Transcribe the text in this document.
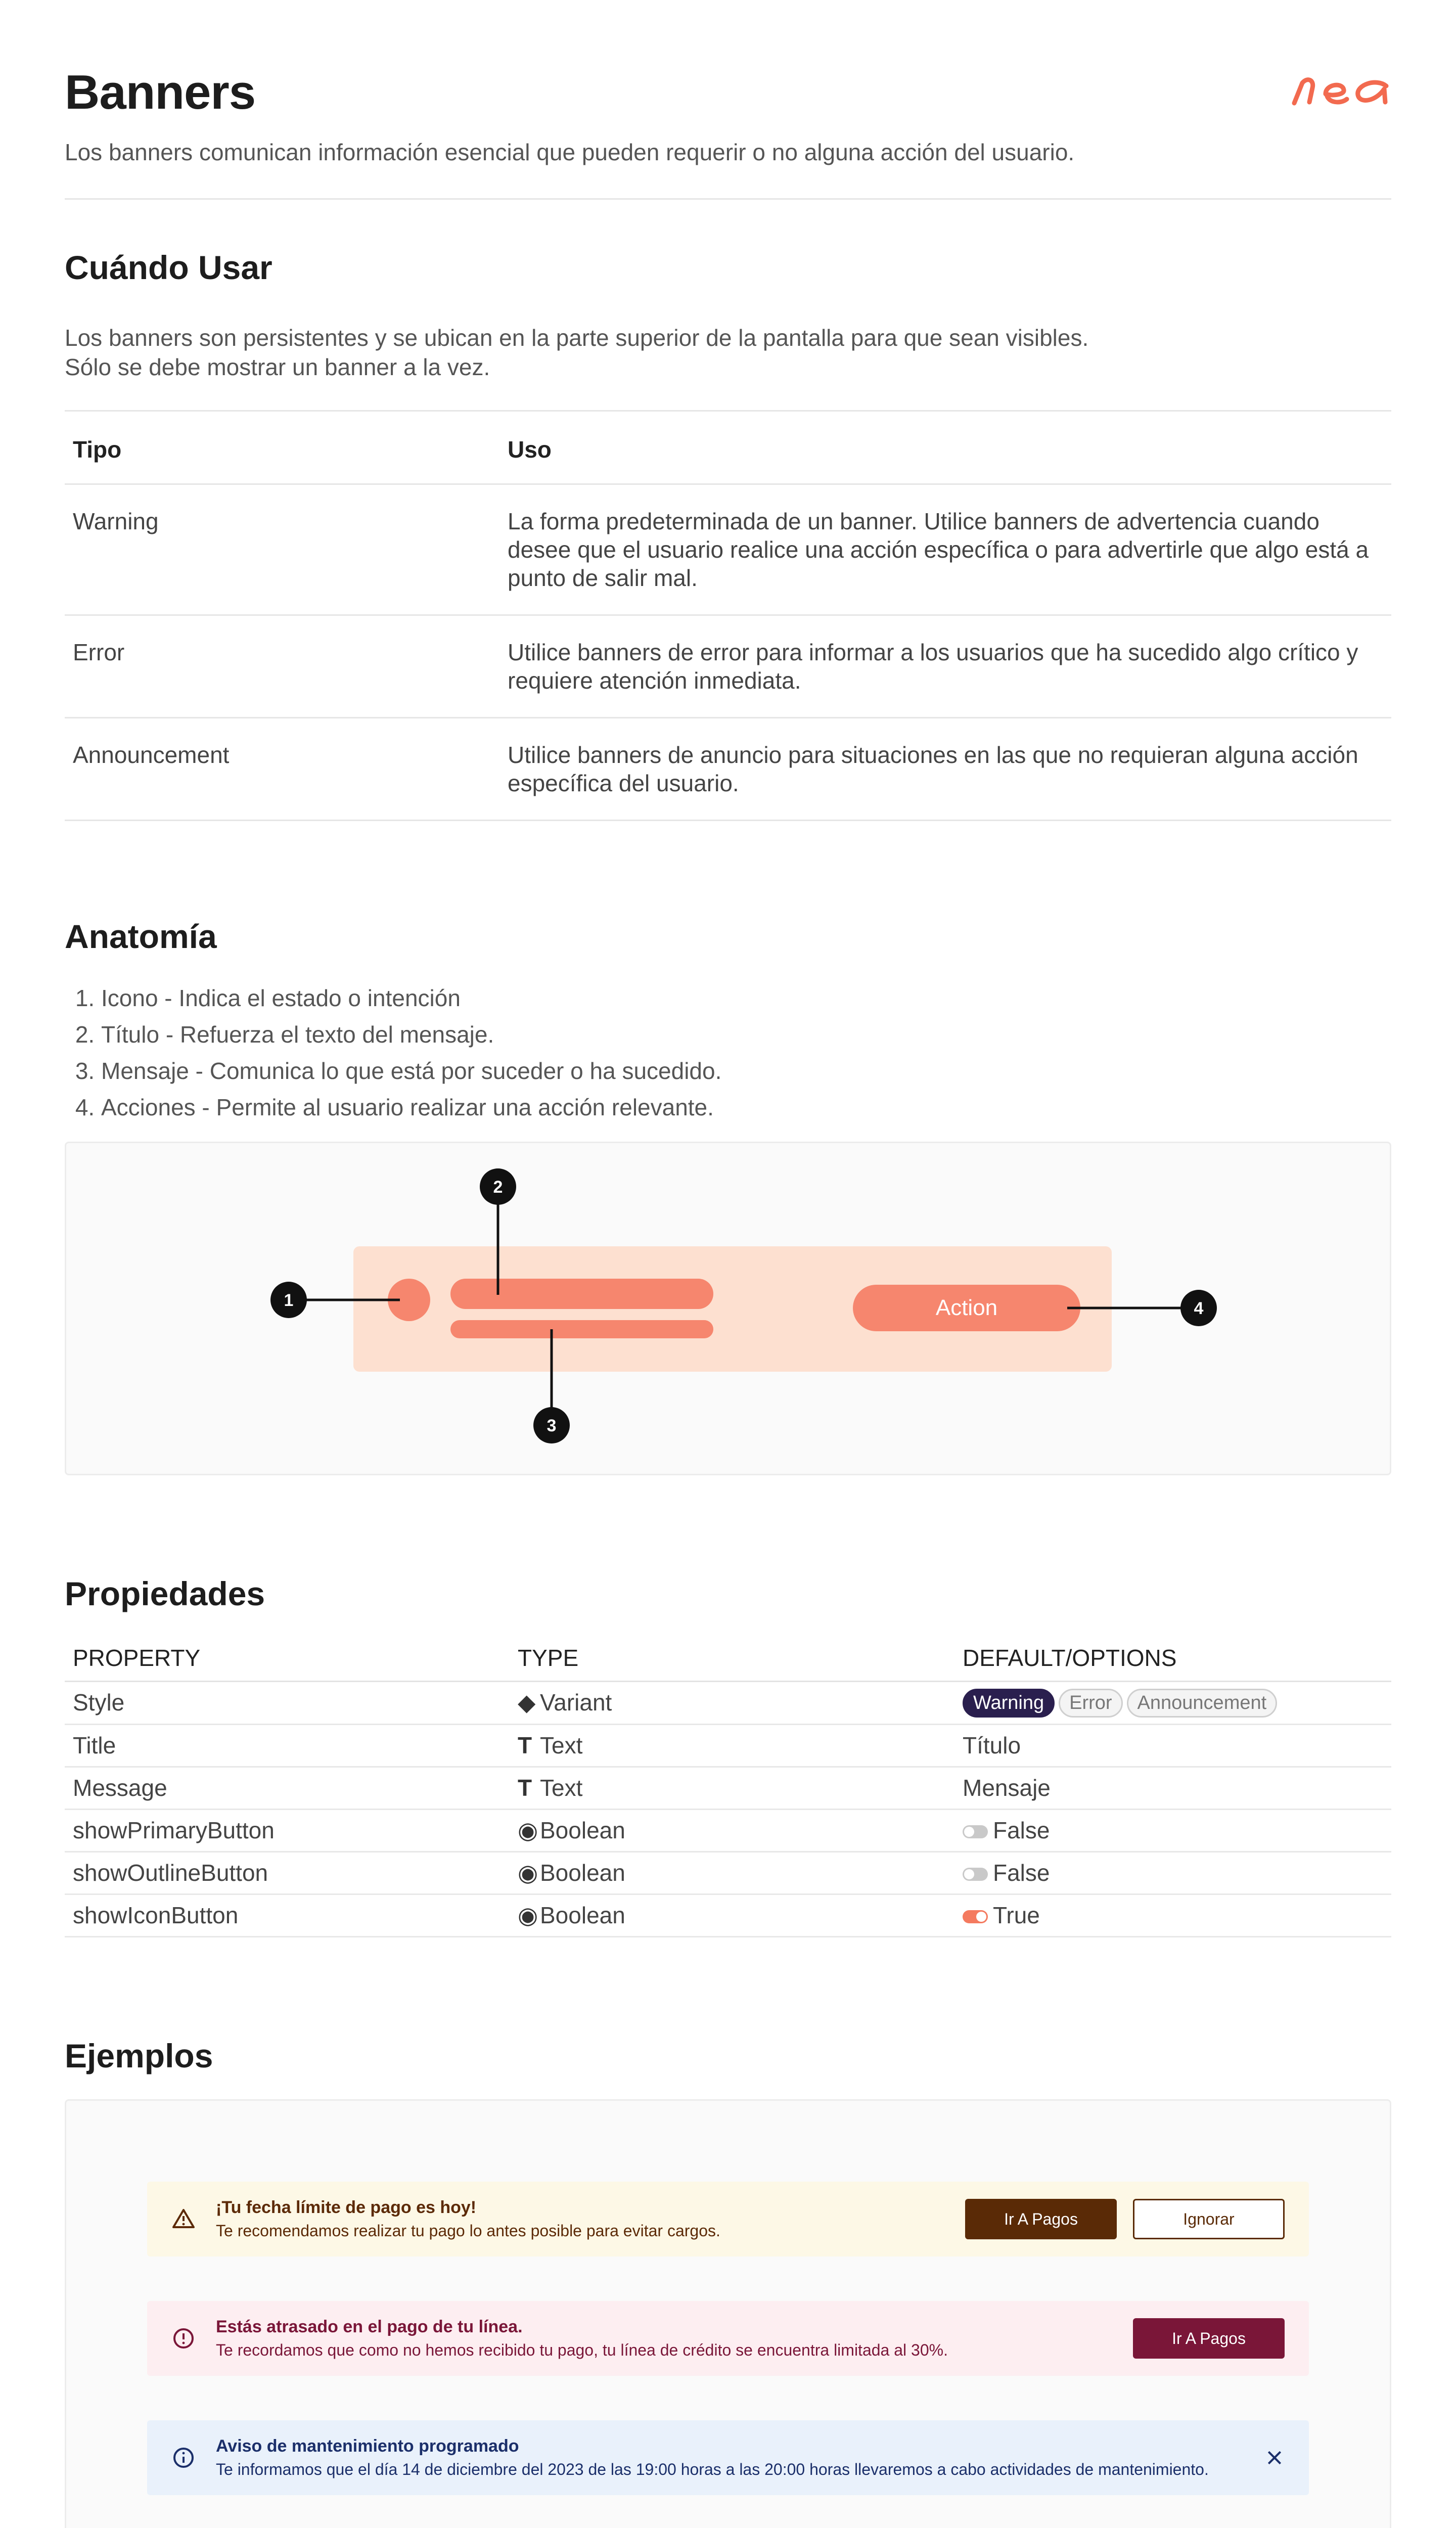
Banners
Los banners comunican información esencial que pueden requerir o no alguna acción del usuario.
Cuándo Usar
Los banners son persistentes y se ubican en la parte superior de la pantalla para que sean visibles.
Sólo se debe mostrar un banner a la vez.
Tipo	Uso
Warning	La forma predeterminada de un banner. Utilice banners de advertencia cuando desee que el usuario realice una acción específica o para advertirle que algo está a punto de salir mal.
Error	Utilice banners de error para informar a los usuarios que ha sucedido algo crítico y requiere atención inmediata.
Announcement	Utilice banners de anuncio para situaciones en las que no requieran alguna acción específica del usuario.
Anatomía
1. Icono - Indica el estado o intención
2. Título - Refuerza el texto del mensaje.
3. Mensaje - Comunica lo que está por suceder o ha sucedido.
4. Acciones - Permite al usuario realizar una acción relevante.
Action
1
2
3
4
Propiedades
PROPERTY	TYPE	DEFAULT/OPTIONS
Style	◆ Variant	Warning Error Announcement
Title	T Text	Título
Message	T Text	Mensaje
showPrimaryButton	◉Boolean	False
showOutlineButton	◉Boolean	False
showIconButton	◉Boolean	True
Ejemplos
¡Tu fecha límite de pago es hoy!
Te recomendamos realizar tu pago lo antes posible para evitar cargos.
Ir A Pagos	Ignorar
Estás atrasado en el pago de tu línea.
Te recordamos que como no hemos recibido tu pago, tu línea de crédito se encuentra limitada al 30%.
Ir A Pagos
Aviso de mantenimiento programado
Te informamos que el día 14 de diciembre del 2023 de las 19:00 horas a las 20:00 horas llevaremos a cabo actividades de mantenimiento.
